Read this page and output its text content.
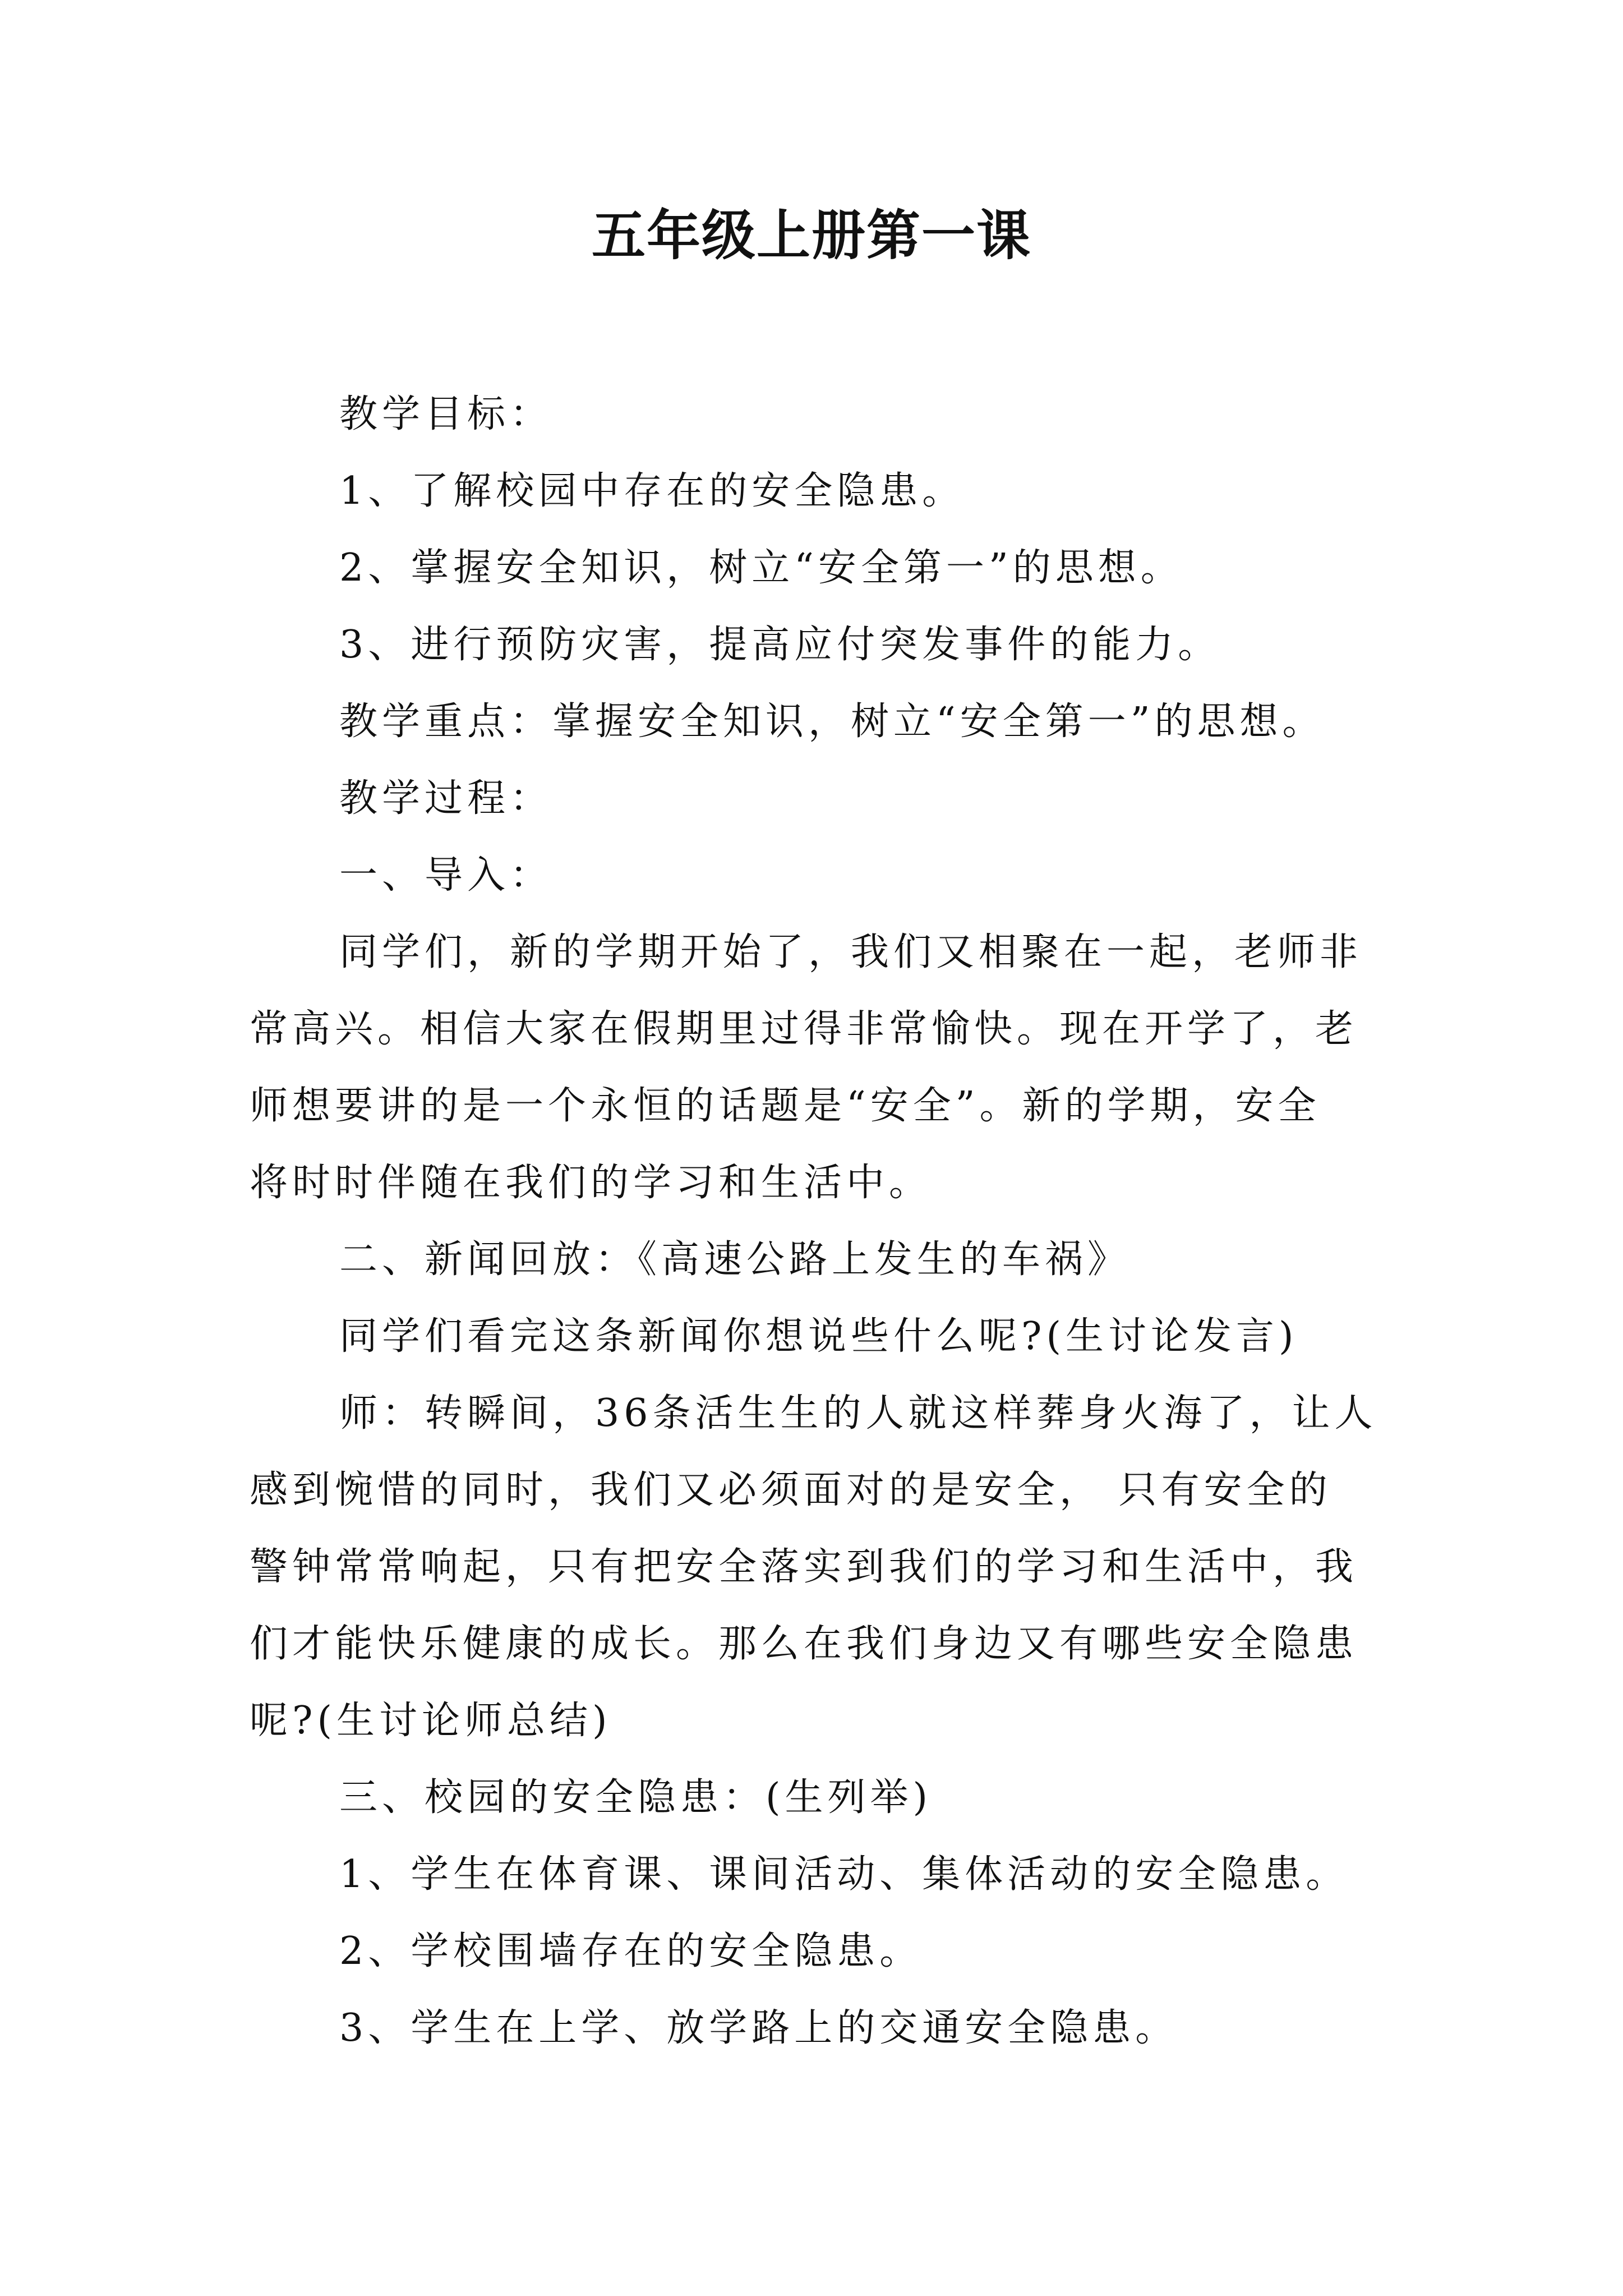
五年级上册第一课
教学目标：
1、了解校园中存在的安全隐患。
2、掌握安全知识，树立“安全第一”的思想。
3、进行预防灾害，提高应付突发事件的能力。
教学重点：掌握安全知识，树立“安全第一”的思想。
教学过程：
一、导入：
同学们，新的学期开始了，我们又相聚在一起，老师非
常高兴。相信大家在假期里过得非常愉快。现在开学了，老
师想要讲的是一个永恒的话题是“安全”。新的学期，安全
将时时伴随在我们的学习和生活中。
二、新闻回放：《高速公路上发生的车祸》
同学们看完这条新闻你想说些什么呢?(生讨论发言)
师：转瞬间，36条活生生的人就这样葬身火海了，让人
感到惋惜的同时，我们又必须面对的是安全， 只有安全的
警钟常常响起，只有把安全落实到我们的学习和生活中，我
们才能快乐健康的成长。那么在我们身边又有哪些安全隐患
呢?(生讨论师总结)
三、校园的安全隐患：(生列举)
1、学生在体育课、课间活动、集体活动的安全隐患。
2、学校围墙存在的安全隐患。
3、学生在上学、放学路上的交通安全隐患。
